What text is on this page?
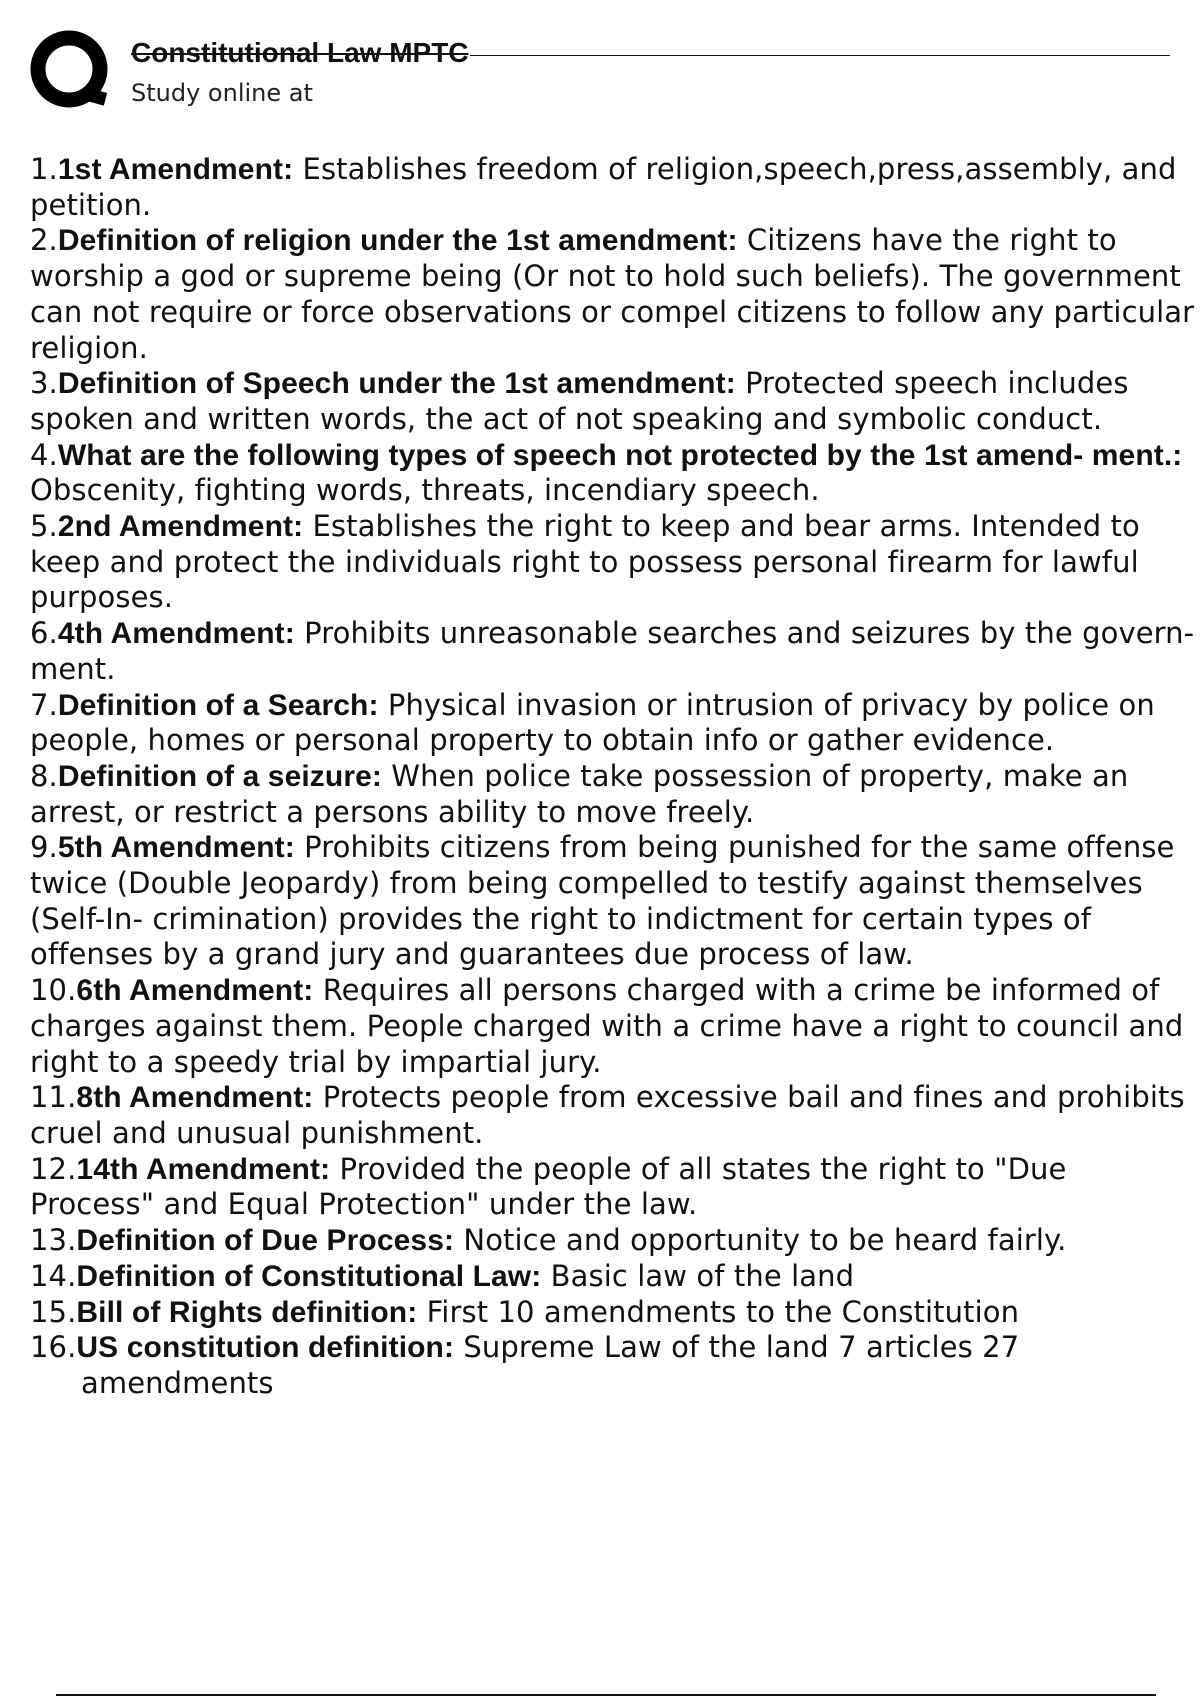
Constitutional Law MPTC
Study online at
1.1st Amendment: Establishes freedom of religion,speech,press,assembly, and petition.
2.Definition of religion under the 1st amendment: Citizens have the right to worship a god or supreme being (Or not to hold such beliefs). The government can not require or force observations or compel citizens to follow any particular religion.
3.Definition of Speech under the 1st amendment: Protected speech includes spoken and written words, the act of not speaking and symbolic conduct.
4.What are the following types of speech not protected by the 1st amend- ment.: Obscenity, fighting words, threats, incendiary speech.
5.2nd Amendment: Establishes the right to keep and bear arms. Intended to keep and protect the individuals right to possess personal firearm for lawful purposes.
6.4th Amendment: Prohibits unreasonable searches and seizures by the govern- ment.
7.Definition of a Search: Physical invasion or intrusion of privacy by police on people, homes or personal property to obtain info or gather evidence.
8.Definition of a seizure: When police take possession of property, make an arrest, or restrict a persons ability to move freely.
9.5th Amendment: Prohibits citizens from being punished for the same offense twice (Double Jeopardy) from being compelled to testify against themselves (Self-In- crimination) provides the right to indictment for certain types of offenses by a grand jury and guarantees due process of law.
10.6th Amendment: Requires all persons charged with a crime be informed of charges against them. People charged with a crime have a right to council and right to a speedy trial by impartial jury.
11.8th Amendment: Protects people from excessive bail and fines and prohibits cruel and unusual punishment.
12.14th Amendment: Provided the people of all states the right to "Due Process" and Equal Protection" under the law.
13.Definition of Due Process: Notice and opportunity to be heard fairly.
14.Definition of Constitutional Law: Basic law of the land
15.Bill of Rights definition: First 10 amendments to the Constitution
16.US constitution definition: Supreme Law of the land 7 articles 27 amendments
